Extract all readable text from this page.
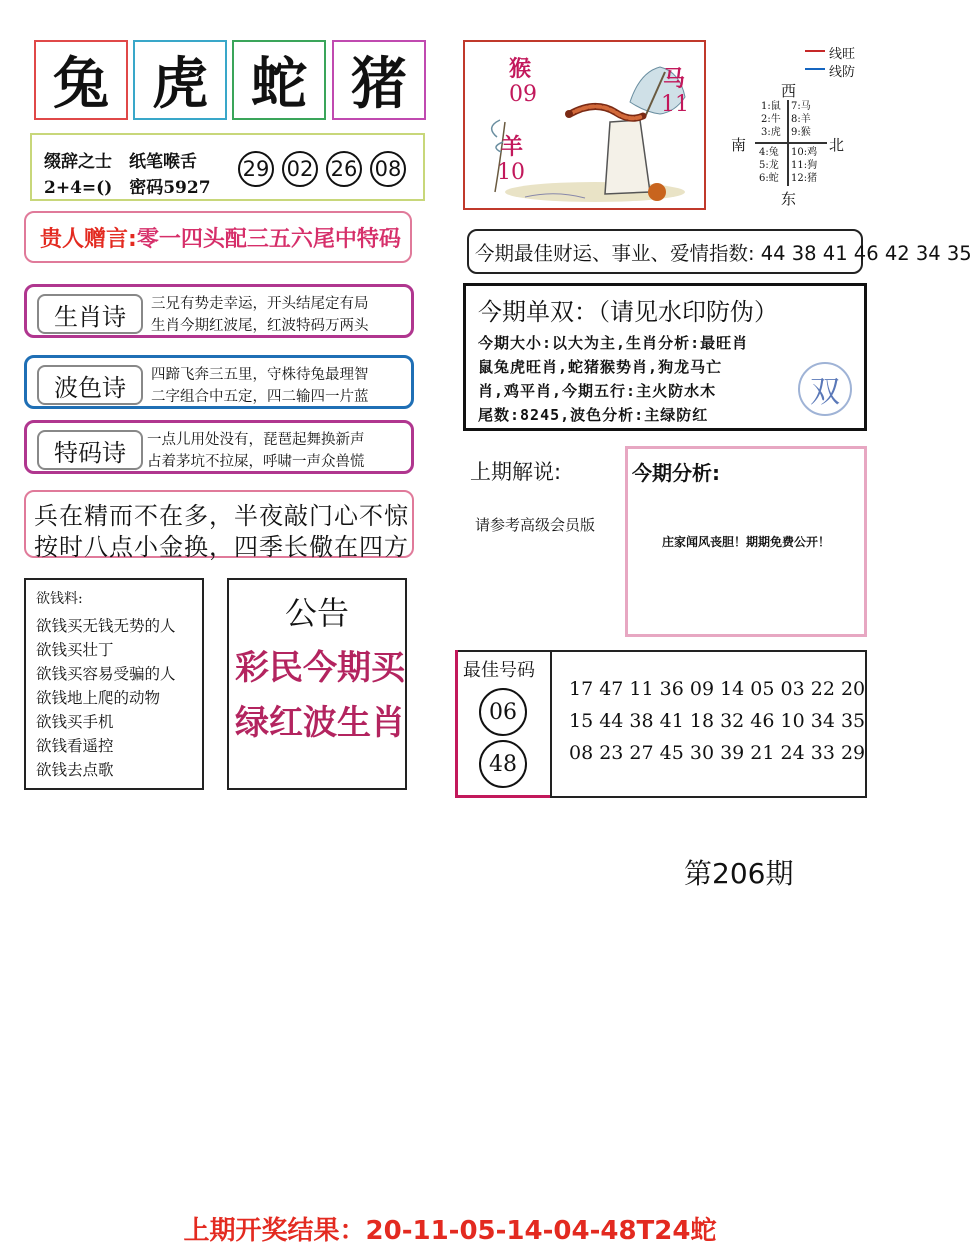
兔 虎 蛇 猪
缀辞之士　纸笔喉舌
2+4=()　密码5927
29 02 26 08
贵人赠言: 零一四头配三五六尾中特码
生肖诗	三兄有势走幸运，开头结尾定有局
生肖今期红波尾，红波特码万两头
波色诗	四蹄飞奔三五里，守株待兔最理智
二字组合中五定，四二输四一片蓝
特码诗	一点儿用处没有，琵琶起舞换新声
占着茅坑不拉屎，呼啸一声众兽慌
兵在精而不在多，半夜敲门心不惊
按时八点小金换，四季长儆在四方
欲钱料:
欲钱买无钱无势的人
欲钱买壮丁
欲钱买容易受骗的人
欲钱地上爬的动物
欲钱买手机
欲钱看遥控
欲钱去点歌
公告
彩民今期买
绿红波生肖
猴
09
羊
10
马
11
线旺
线防
西
南	北
东
1:鼠
2:牛
3:虎
7:马
8:羊
9:猴
4:兔
5:龙
6:蛇
10:鸡
11:狗
12:猪
今期最佳财运、事业、爱情指数: 44 38 41 46 42 34 35
今期单双：（请见水印防伪）
今期大小:以大为主,生肖分析:最旺肖
鼠兔虎旺肖,蛇猪猴势肖,狗龙马亡
肖,鸡平肖,今期五行:主火防水木
尾数:8245,波色分析:主绿防红
双
上期解说:
请参考高级会员版
今期分析:
庄家闻风丧胆！期期免费公开！
最佳号码
06
48
17 47 11 36 09 14 05 03 22 20
15 44 38 41 18 32 46 10 34 35
08 23 27 45 30 39 21 24 33 29
第206期
上期开奖结果：20-11-05-14-04-48T24蛇
